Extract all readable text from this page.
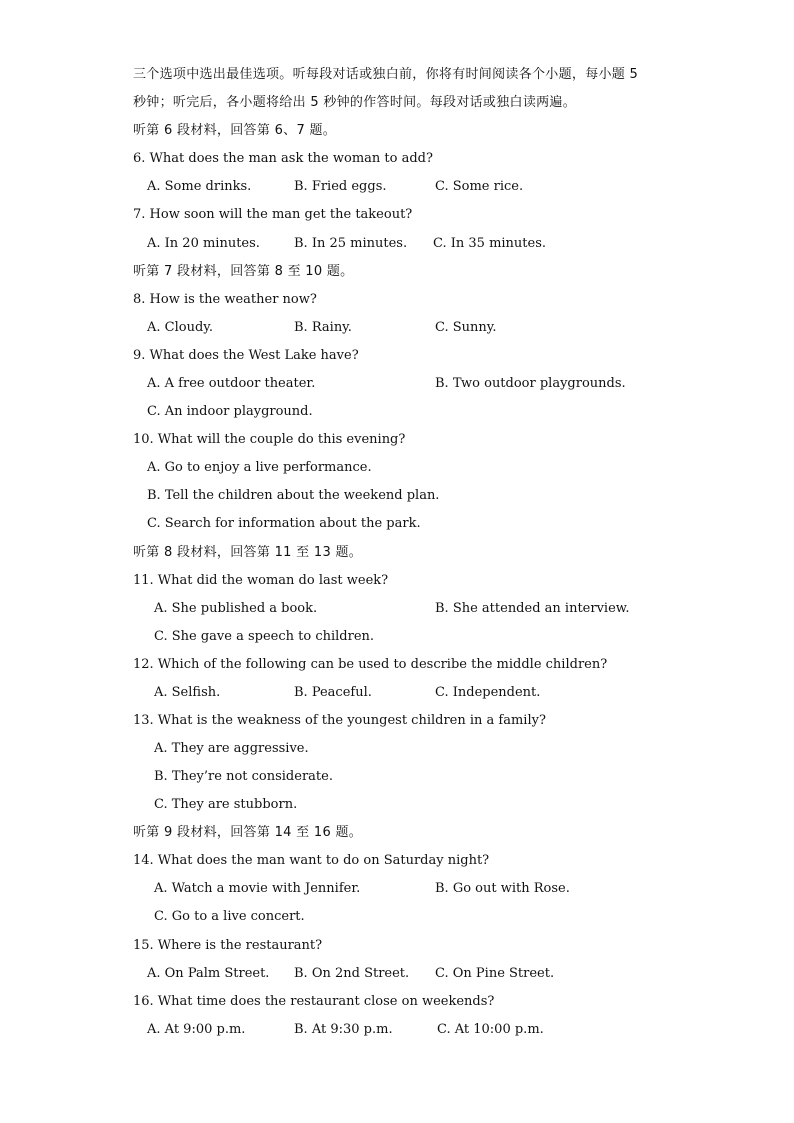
三个选项中选出最佳选项。听每段对话或独白前，你将有时间阅读各个小题，每小题 5
秒钟；听完后，各小题将给出 5 秒钟的作答时间。每段对话或独白读两遍。
听第 6 段材料，回答第 6、7 题。
6. What does the man ask the woman to add?
A. Some drinks.	B. Fried eggs.	C. Some rice.
7. How soon will the man get the takeout?
A. In 20 minutes.	B. In 25 minutes. C. In 35 minutes.
听第 7 段材料，回答第 8 至 10 题。
8. How is the weather now?
A. Cloudy.	B. Rainy.	C. Sunny.
9. What does the West Lake have?
A. A free outdoor theater.	B. Two outdoor playgrounds.
C. An indoor playground.
10. What will the couple do this evening?
A. Go to enjoy a live performance.
B. Tell the children about the weekend plan.
C. Search for information about the park.
听第 8 段材料，回答第 11 至 13 题。
11. What did the woman do last week?
A. She published a book.	B. She attended an interview.
C. She gave a speech to children.
12. Which of the following can be used to describe the middle children?
A. Selfish.	B. Peaceful.	C. Independent.
13. What is the weakness of the youngest children in a family?
A. They are aggressive.
B. They’re not considerate.
C. They are stubborn.
听第 9 段材料，回答第 14 至 16 题。
14. What does the man want to do on Saturday night?
A. Watch a movie with Jennifer.	B. Go out with Rose.
C. Go to a live concert.
15. Where is the restaurant?
A. On Palm Street. B. On 2nd Street. C. On Pine Street.
16. What time does the restaurant close on weekends?
A. At 9:00 p.m.	B. At 9:30 p.m.	C. At 10:00 p.m.
